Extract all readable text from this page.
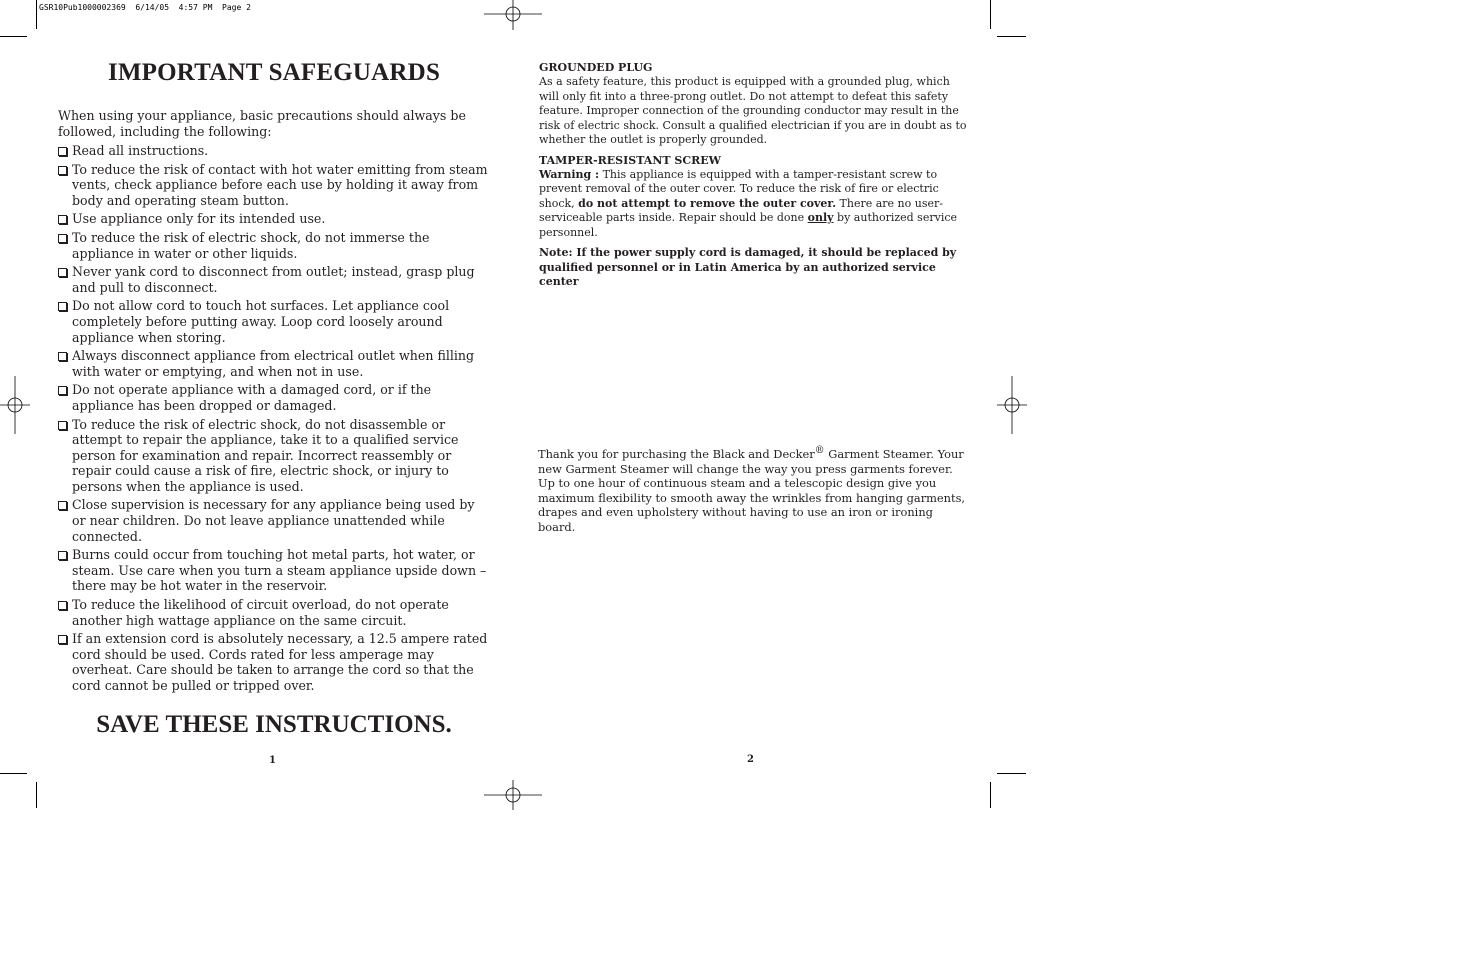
GSR10Pub1000002369  6/14/05  4:57 PM  Page 2
IMPORTANT SAFEGUARDS

When using your appliance, basic precautions should always be followed, including the following:

Read all instructions.
To reduce the risk of contact with hot water emitting from steam vents, check appliance before each use by holding it away from body and operating steam button.
Use appliance only for its intended use.
To reduce the risk of electric shock, do not immerse the appliance in water or other liquids.
Never yank cord to disconnect from outlet; instead, grasp plug and pull to disconnect.
Do not allow cord to touch hot surfaces. Let appliance cool completely before putting away. Loop cord loosely around appliance when storing.
Always disconnect appliance from electrical outlet when filling with water or emptying, and when not in use.
Do not operate appliance with a damaged cord, or if the appliance has been dropped or damaged.
To reduce the risk of electric shock, do not disassemble or attempt to repair the appliance, take it to a qualified service person for examination and repair. Incorrect reassembly or repair could cause a risk of fire, electric shock, or injury to persons when the appliance is used.
Close supervision is necessary for any appliance being used by or near children. Do not leave appliance unattended while connected.
Burns could occur from touching hot metal parts, hot water, or steam. Use care when you turn a steam appliance upside down – there may be hot water in the reservoir.
To reduce the likelihood of circuit overload, do not operate another high wattage appliance on the same circuit.
If an extension cord is absolutely necessary, a 12.5 ampere rated cord should be used. Cords rated for less amperage may overheat. Care should be taken to arrange the cord so that the cord cannot be pulled or tripped over.
SAVE THESE INSTRUCTIONS.
1
GROUNDED PLUG

As a safety feature, this product is equipped with a grounded plug, which will only fit into a three-prong outlet. Do not attempt to defeat this safety feature. Improper connection of the grounding conductor may result in the risk of electric shock. Consult a qualified electrician if you are in doubt as to whether the outlet is properly grounded.

TAMPER-RESISTANT SCREW

Warning : This appliance is equipped with a tamper-resistant screw to prevent removal of the outer cover. To reduce the risk of fire or electric shock, do not attempt to remove the outer cover. There are no user-serviceable parts inside. Repair should be done only by authorized service personnel.

Note: If the power supply cord is damaged, it should be replaced by qualified personnel or in Latin America by an authorized service center

Thank you for purchasing the Black and Decker® Garment Steamer. Your new Garment Steamer will change the way you press garments forever. Up to one hour of continuous steam and a telescopic design give you maximum flexibility to smooth away the wrinkles from hanging garments, drapes and even upholstery without having to use an iron or ironing board.

2
